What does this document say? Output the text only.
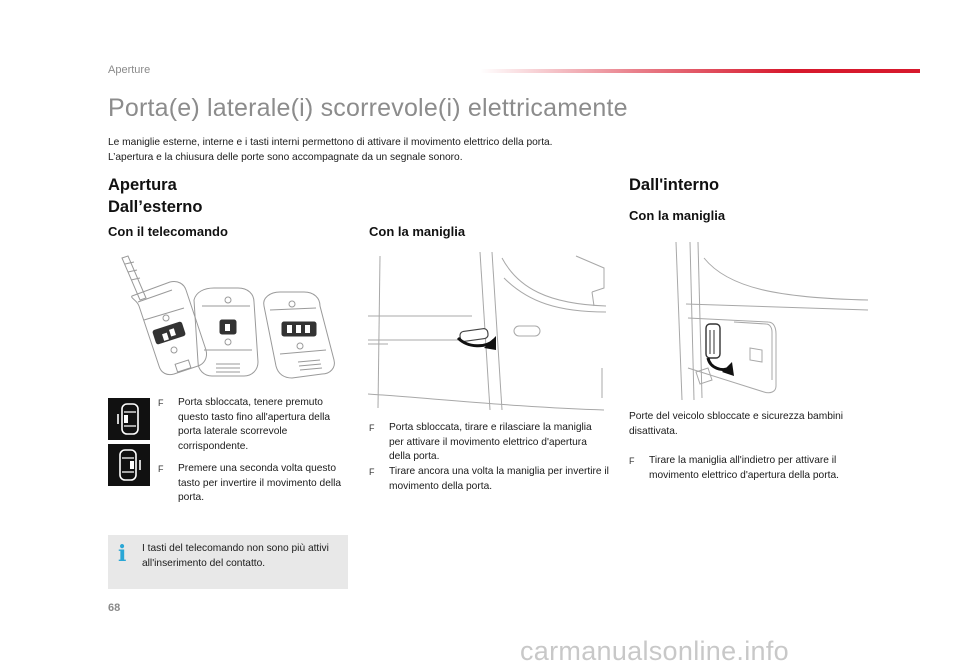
Aperture
Porta(e) laterale(i) scorrevole(i) elettricamente
Le maniglie esterne, interne e i tasti interni permettono di attivare il movimento elettrico della porta.
L’apertura e la chiusura delle porte sono accompagnate da un segnale sonoro.
Apertura
Dall’esterno
Con il telecomando
F	Porta sbloccata, tenere premuto questo tasto fino all'apertura della porta laterale scorrevole corrispondente.
F	Premere una seconda volta questo tasto per invertire il movimento della porta.
i I tasti del telecomando non sono più attivi all'inserimento del contatto.
Con la maniglia
F	Porta sbloccata, tirare e rilasciare la maniglia per attivare il movimento elettrico d'apertura della porta.
F	Tirare ancora una volta la maniglia per invertire il movimento della porta.
Dall'interno
Con la maniglia
Porte del veicolo sbloccate e sicurezza bambini disattivata.
F	Tirare la maniglia all'indietro per attivare il movimento elettrico d'apertura della porta.
68
carmanualsonline.info
